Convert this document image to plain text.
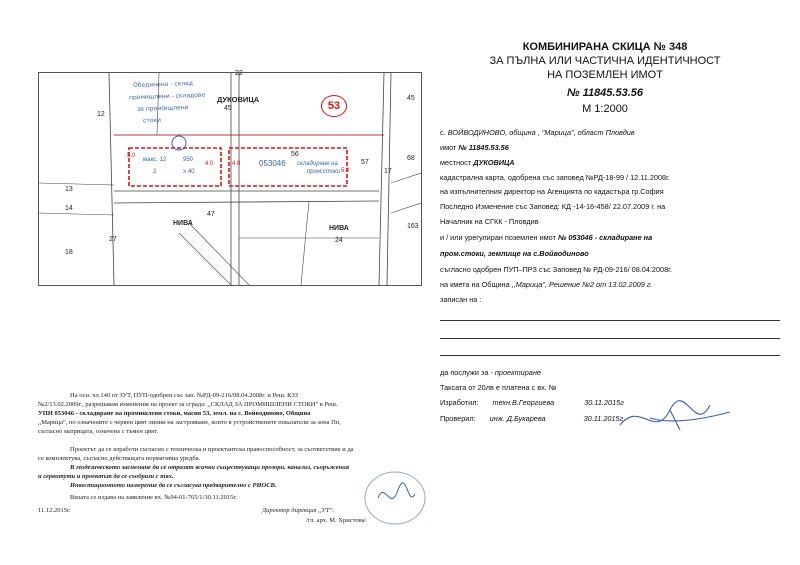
22
12
45
45
53
68
56
13
14
47
27	24
163
18
17
57
ДУКОВИЦА
053046 складиране на
пром.стоки
НИВА
НИВА
макс. 12	950
2	≥ 40
5.0
4.0	4.0
5.0
Обединено - склад
промишлени - складове
за пром/ищлени
стоки
КОМБИНИРАНА СКИЦА № 348
ЗА ПЪЛНА ИЛИ ЧАСТИЧНА ИДЕНТИЧНОСТ
НА ПОЗЕМЛЕН ИМОТ
№ 11845.53.56
М 1:2000
с. ВОЙВОДИНОВО, община , "Марица", област Пловдив
имот № 11845.53.56
местност ДУКОВИЦА
кадастрална карта, одобрена със заповед №РД-18-99 / 12.11.2008г.
на изпълнителния директор на Агенцията по кадастъра гр.София
Последно Изменение със Заповед: КД -14-16-458/ 22.07.2009 г. на
Началник на СГКК - Пловдив
и / или урегулиран поземлен имот № 053046 - складиране на
пром.стоки, землище на с.Войводиново
съгласно одобрен ПУП–ПРЗ със Заповед № РД-09-216/ 08.04.2008г.
на кмета на Община ,,Марица", Решение №2 от 13.02.2009 г.
записан на :
да послужи за - проектиране
Таксата от 20лв е платена с вх. №
Изработил: техн.В.Георгиева	30.11.2015г
Проверил: инж. Д.Букарева	30.11.2015г
На осн. чл.140 от ЗУТ, ПУП-одобрен със зап. №РД-09-216/08.04.2008г. и Реш. КЗЗ
№2/13.02.2009г., разрешавам изменения на проект за сграда: ,,СКЛАД ЗА ПРОМИШЛЕНИ СТОКИ" в Реш.
УПИ 053046 - складиране на промишлени стоки, масив 53, земл. на с. Войводиново, Община
,,Марица", по означените с червен цвят линии на застрояване, които в устройствените показатели за зона Пп,
съгласно матрицата, означена с тъмен цвят.
Проектът да се изработи съгласно с техническа и проектантска правоспособност, за съответствие и да
се комплектува, съгласно действащата нормативна уредба.
В геодезическото заснемане да се отразят всички съществуващи прозори, канализ, съоръжения
и сервитути и проектът да се съобрази с тях.
Инвестиционното намерение да се съгласува предварително с РИОСВ.
Визата се издава на заявление вх. №94-01-765/1/30.11.2015г.
11.12.2015г.	Директор дирекция ,,УТ":
/гл. арх. М. Христова/
